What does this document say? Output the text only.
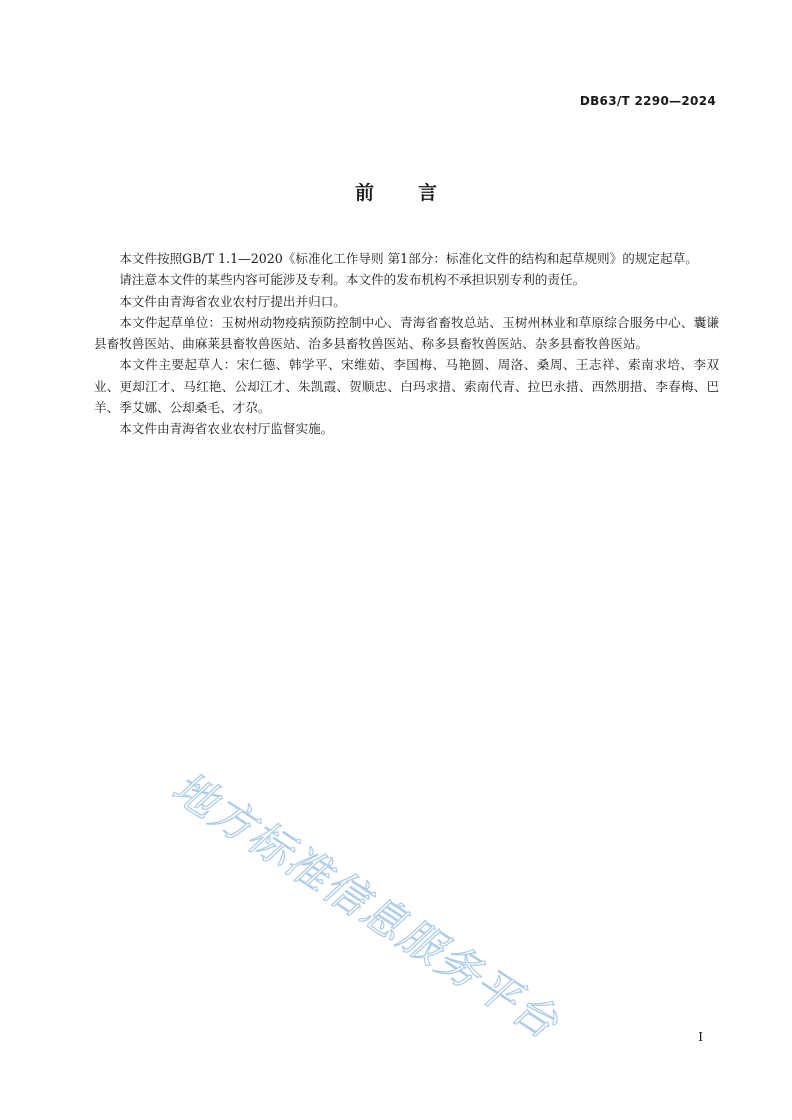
DB63/T 2290—2024
前言

本文件按照GB/T 1.1—2020《标准化工作导则 第1部分：标准化文件的结构和起草规则》的规定起草。

请注意本文件的某些内容可能涉及专利。本文件的发布机构不承担识别专利的责任。

本文件由青海省农业农村厅提出并归口。

本文件起草单位：玉树州动物疫病预防控制中心、青海省畜牧总站、玉树州林业和草原综合服务中心、囊谦县畜牧兽医站、曲麻莱县畜牧兽医站、治多县畜牧兽医站、称多县畜牧兽医站、杂多县畜牧兽医站。

本文件主要起草人：宋仁德、韩学平、宋维茹、李国梅、马艳圆、周洛、桑周、王志祥、索南求培、李双业、更却江才、马红艳、公却江才、朱凯霞、贺顺忠、白玛求措、索南代青、拉巴永措、西然朋措、李春梅、巴羊、季艾娜、公却桑毛、才尕。

本文件由青海省农业农村厅监督实施。

地方标准信息服务平台	I
